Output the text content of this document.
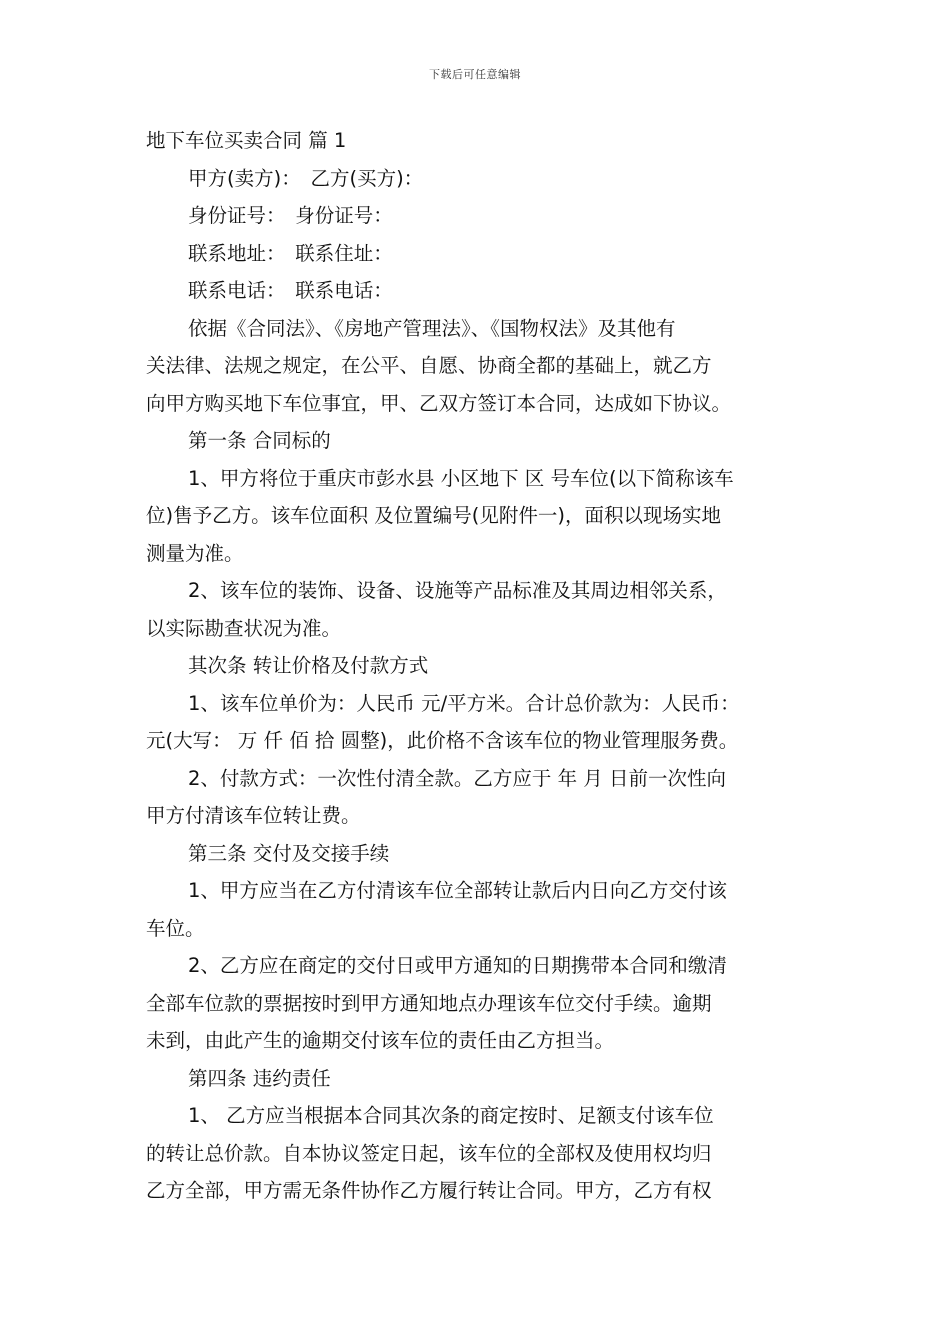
下载后可任意编辑
地下车位买卖合同 篇 1
甲方(卖方)：　乙方(买方)：
身份证号：　身份证号：
联系地址：　联系住址：
联系电话：　联系电话：
依据《合同法》、《房地产管理法》、《国物权法》及其他有
关法律、法规之规定，在公平、自愿、协商全都的基础上，就乙方
向甲方购买地下车位事宜，甲、乙双方签订本合同，达成如下协议。
第一条 合同标的
1、甲方将位于重庆市彭水县 小区地下 区 号车位(以下简称该车
位)售予乙方。该车位面积 及位置编号(见附件一)，面积以现场实地
测量为准。
2、该车位的装饰、设备、设施等产品标准及其周边相邻关系，
以实际勘查状况为准。
其次条 转让价格及付款方式
1、该车位单价为：人民币 元/平方米。合计总价款为：人民币：
元(大写： 万 仟 佰 拾 圆整)，此价格不含该车位的物业管理服务费。
2、付款方式：一次性付清全款。乙方应于 年 月 日前一次性向
甲方付清该车位转让费。
第三条 交付及交接手续
1、甲方应当在乙方付清该车位全部转让款后内日向乙方交付该
车位。
2、乙方应在商定的交付日或甲方通知的日期携带本合同和缴清
全部车位款的票据按时到甲方通知地点办理该车位交付手续。逾期
未到，由此产生的逾期交付该车位的责任由乙方担当。
第四条 违约责任
1、 乙方应当根据本合同其次条的商定按时、足额支付该车位
的转让总价款。自本协议签定日起，该车位的全部权及使用权均归
乙方全部，甲方需无条件协作乙方履行转让合同。甲方，乙方有权
